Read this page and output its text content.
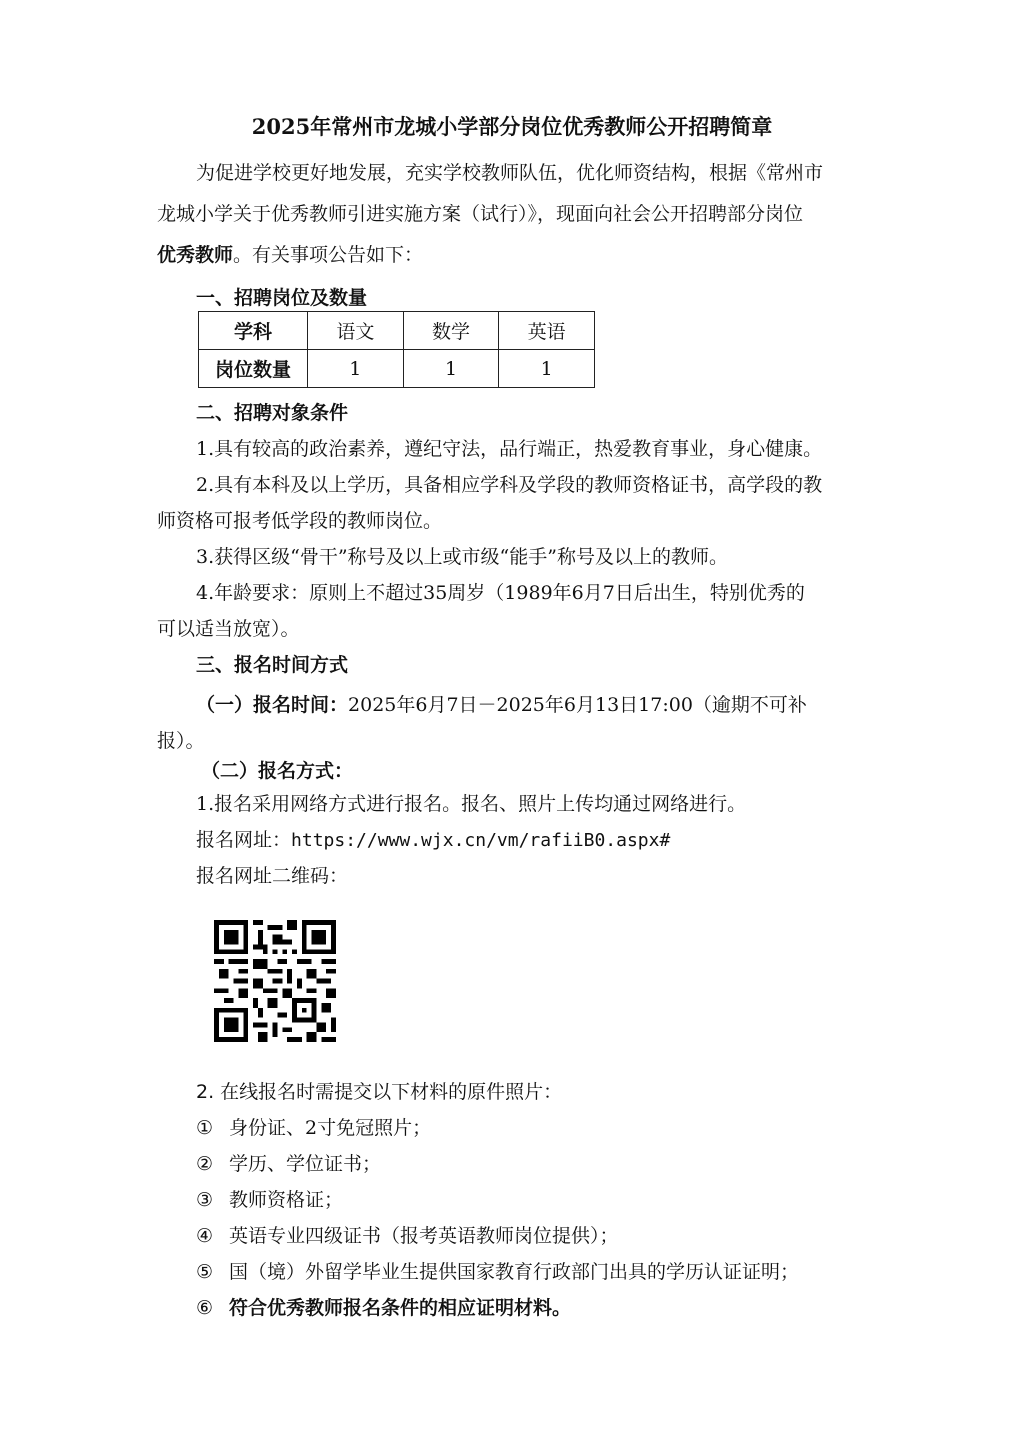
2025年常州市龙城小学部分岗位优秀教师公开招聘简章
为促进学校更好地发展，充实学校教师队伍，优化师资结构，根据《常州市
龙城小学关于优秀教师引进实施方案（试行）》，现面向社会公开招聘部分岗位
优秀教师。有关事项公告如下：
一、招聘岗位及数量
学科	语文	数学	英语
岗位数量	1	1	1
二、招聘对象条件
1.具有较高的政治素养，遵纪守法，品行端正，热爱教育事业，身心健康。
2.具有本科及以上学历，具备相应学科及学段的教师资格证书，高学段的教
师资格可报考低学段的教师岗位。
3.获得区级“骨干”称号及以上或市级“能手”称号及以上的教师。
4.年龄要求：原则上不超过35周岁（1989年6月7日后出生，特别优秀的
可以适当放宽）。
三、报名时间方式
（一）报名时间：2025年6月7日－2025年6月13日17:00（逾期不可补
报）。
（二）报名方式：
1.报名采用网络方式进行报名。报名、照片上传均通过网络进行。
报名网址：https://www.wjx.cn/vm/rafiiB0.aspx#
报名网址二维码：
2. 在线报名时需提交以下材料的原件照片：
① 身份证、2寸免冠照片；
② 学历、学位证书；
③ 教师资格证；
④ 英语专业四级证书（报考英语教师岗位提供）；
⑤ 国（境）外留学毕业生提供国家教育行政部门出具的学历认证证明；
⑥ 符合优秀教师报名条件的相应证明材料。
